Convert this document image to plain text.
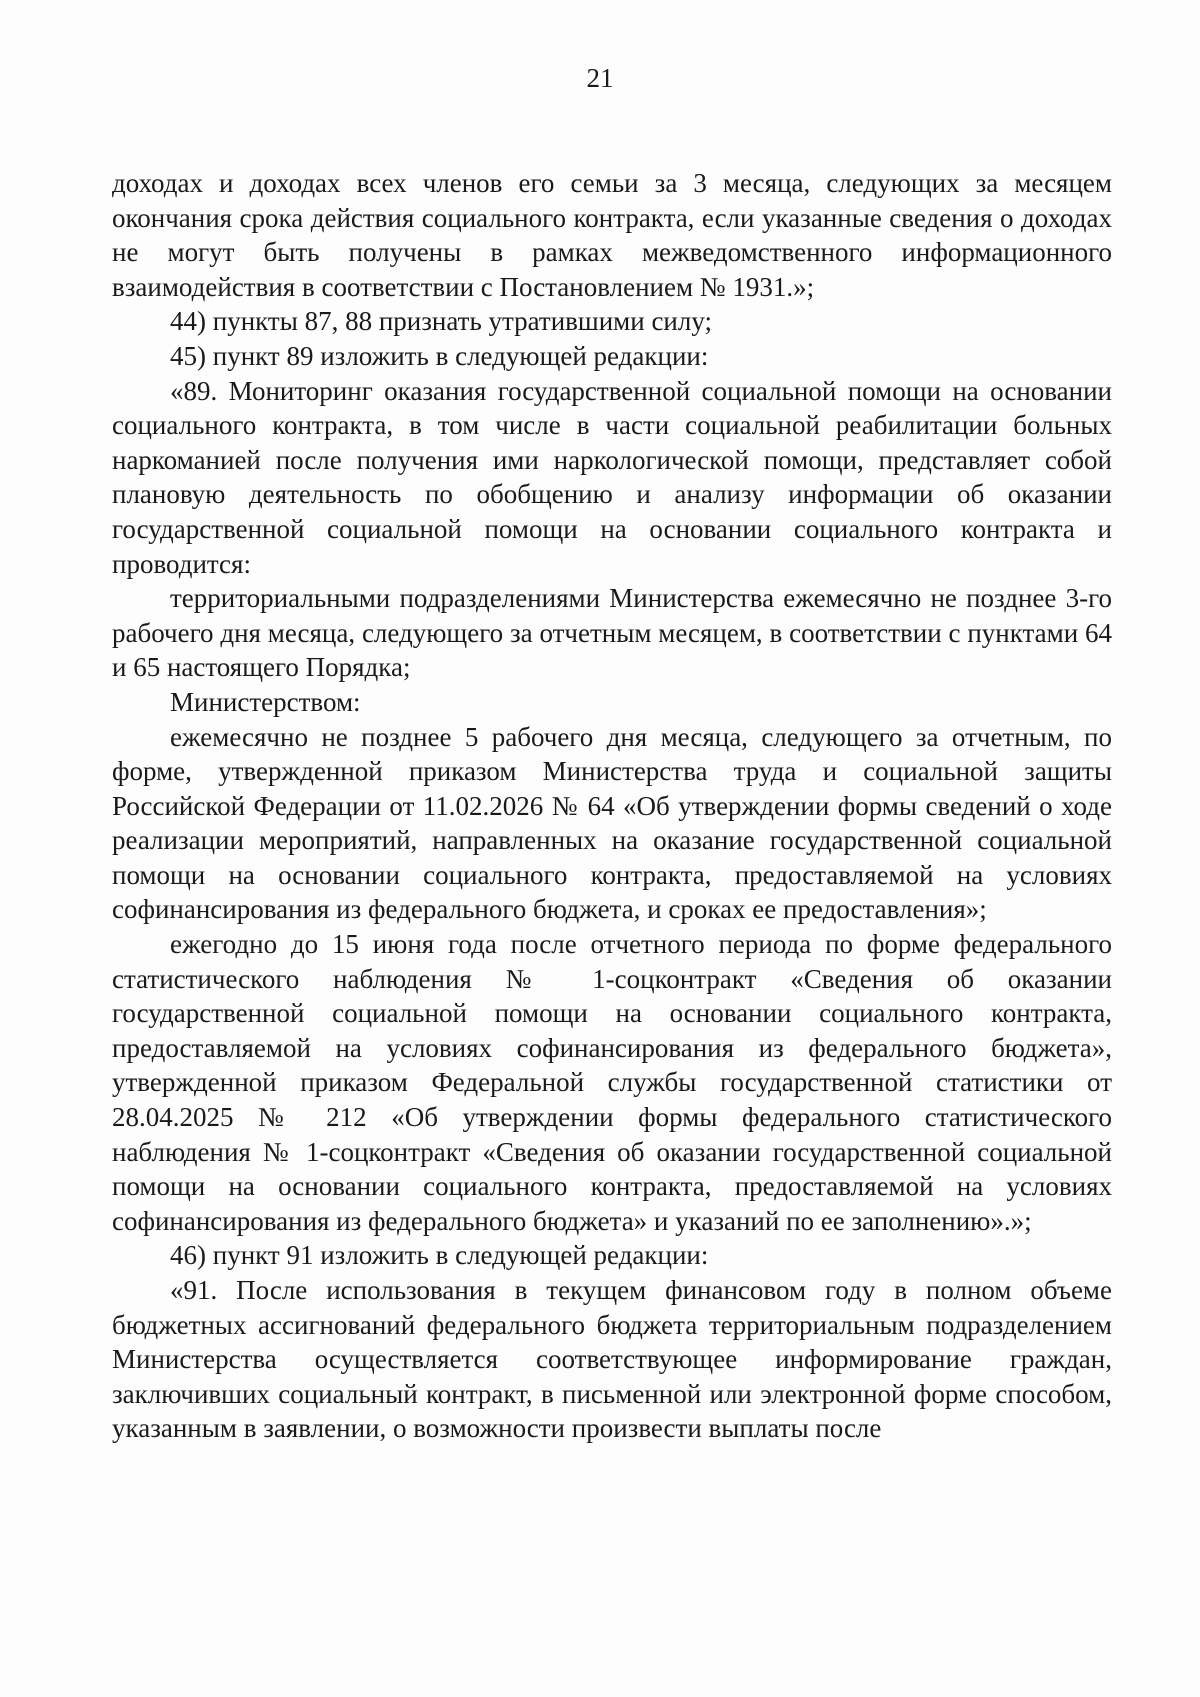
21

доходах и доходах всех членов его семьи за 3 месяца, следующих за месяцем окончания срока действия социального контракта, если указанные сведения о доходах не могут быть получены в рамках межведомственного информационного взаимодействия в соответствии с Постановлением № 1931.»;

44) пункты 87, 88 признать утратившими силу;

45) пункт 89 изложить в следующей редакции:

«89. Мониторинг оказания государственной социальной помощи на основании социального контракта, в том числе в части социальной реабилитации больных наркоманией после получения ими наркологической помощи, представляет собой плановую деятельность по обобщению и анализу информации об оказании государственной социальной помощи на основании социального контракта и проводится:

территориальными подразделениями Министерства ежемесячно не позднее 3-го рабочего дня месяца, следующего за отчетным месяцем, в соответствии с пунктами 64 и 65 настоящего Порядка;

Министерством:

ежемесячно не позднее 5 рабочего дня месяца, следующего за отчетным, по форме, утвержденной приказом Министерства труда и социальной защиты Российской Федерации от 11.02.2026 № 64 «Об утверждении формы сведений о ходе реализации мероприятий, направленных на оказание государственной социальной помощи на основании социального контракта, предоставляемой на условиях софинансирования из федерального бюджета, и сроках ее предоставления»;

ежегодно до 15 июня года после отчетного периода по форме федерального статистического наблюдения № 1-соцконтракт «Сведения об оказании государственной социальной помощи на основании социального контракта, предоставляемой на условиях софинансирования из федерального бюджета», утвержденной приказом Федеральной службы государственной статистики от 28.04.2025 № 212 «Об утверждении формы федерального статистического наблюдения № 1-соцконтракт «Сведения об оказании государственной социальной помощи на основании социального контракта, предоставляемой на условиях софинансирования из федерального бюджета» и указаний по ее заполнению».»;

46) пункт 91 изложить в следующей редакции:

«91. После использования в текущем финансовом году в полном объеме бюджетных ассигнований федерального бюджета территориальным подразделением Министерства осуществляется соответствующее информирование граждан, заключивших социальный контракт, в письменной или электронной форме способом, указанным в заявлении, о возможности произвести выплаты после
